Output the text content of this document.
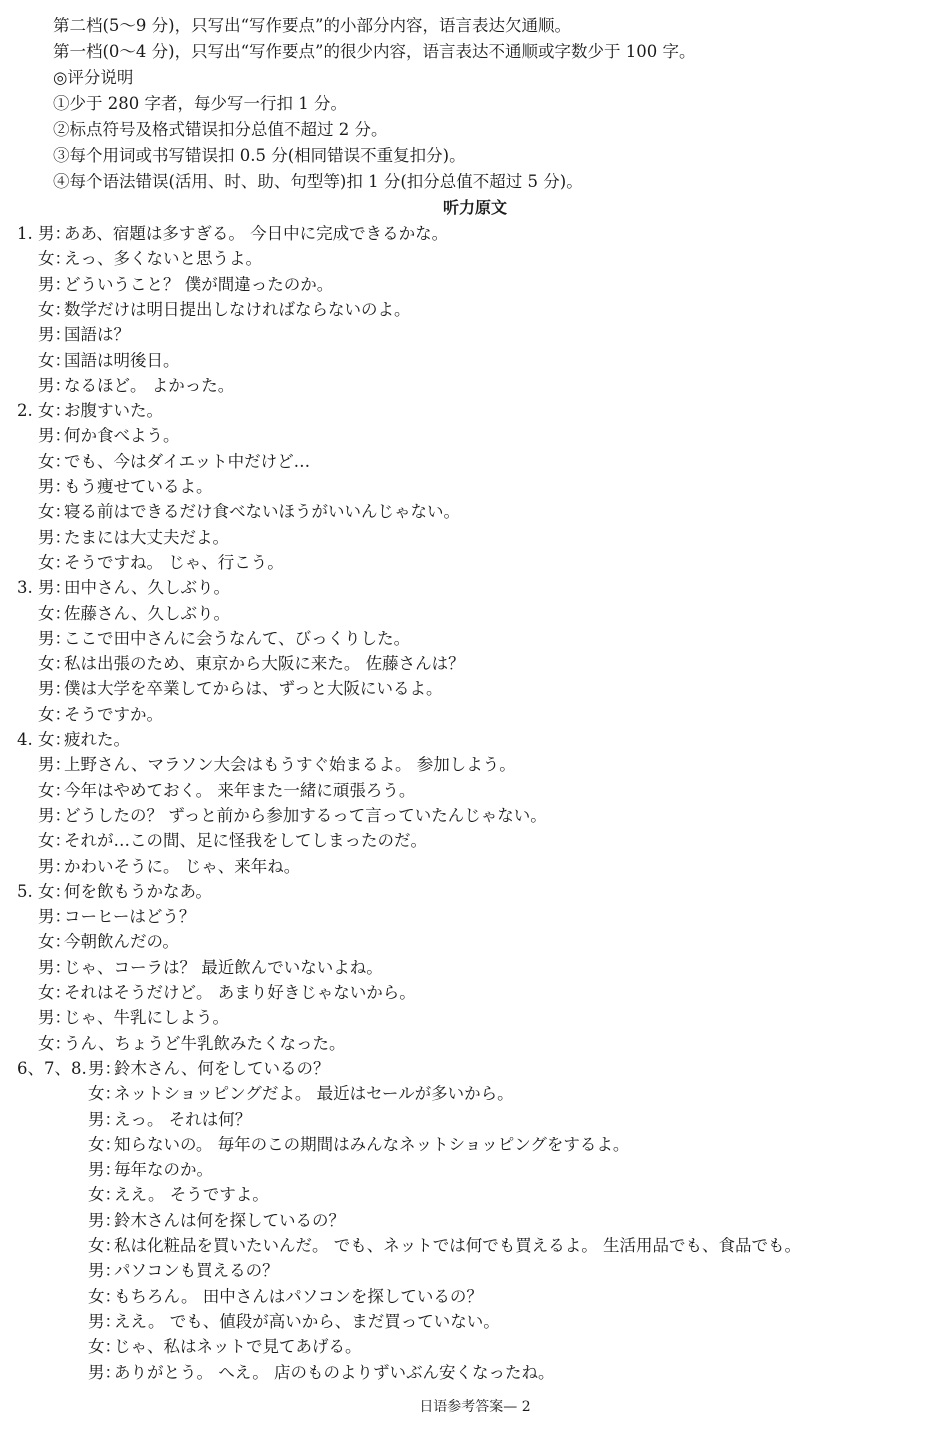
第二档(5～9 分)，只写出“写作要点”的小部分内容，语言表达欠通顺。
第一档(0～4 分)，只写出“写作要点”的很少内容，语言表达不通顺或字数少于 100 字。
◎评分说明
①少于 280 字者，每少写一行扣 1 分。
②标点符号及格式错误扣分总值不超过 2 分。
③每个用词或书写错误扣 0.5 分(相同错误不重复扣分)。
④每个语法错误(活用、时、助、句型等)扣 1 分(扣分总值不超过 5 分)。
听力原文
1. 男：
ああ、宿題は多すぎる。 今日中に完成できるかな。
女：
えっ、多くないと思うよ。
男：
どういうこと？ 僕が間違ったのか。
女：
数学だけは明日提出しなければならないのよ。
男：
国語は？
女：
国語は明後日。
男：
なるほど。 よかった。
2. 女：
お腹すいた。
男：
何か食べよう。
女：
でも、今はダイエット中だけど…
男：
もう痩せているよ。
女：
寝る前はできるだけ食べないほうがいいんじゃない。
男：
たまには大丈夫だよ。
女：
そうですね。 じゃ、行こう。
3. 男：
田中さん、久しぶり。
女：
佐藤さん、久しぶり。
男：
ここで田中さんに会うなんて、びっくりした。
女：
私は出張のため、東京から大阪に来た。 佐藤さんは？
男：
僕は大学を卒業してからは、ずっと大阪にいるよ。
女：
そうですか。
4. 女：
疲れた。
男：
上野さん、マラソン大会はもうすぐ始まるよ。 参加しよう。
女：
今年はやめておく。 来年また一緒に頑張ろう。
男：
どうしたの？ ずっと前から参加するって言っていたんじゃない。
女：
それが…この間、足に怪我をしてしまったのだ。
男：
かわいそうに。 じゃ、来年ね。
5. 女：
何を飲もうかなあ。
男：
コーヒーはどう？
女：
今朝飲んだの。
男：
じゃ、コーラは？ 最近飲んでいないよね。
女：
それはそうだけど。 あまり好きじゃないから。
男：
じゃ、牛乳にしよう。
女：
うん、ちょうど牛乳飲みたくなった。
6、7、8. 男：
鈴木さん、何をしているの？
女：
ネットショッピングだよ。 最近はセールが多いから。
男：
えっ。 それは何？
女：
知らないの。 毎年のこの期間はみんなネットショッピングをするよ。
男：
毎年なのか。
女：
ええ。 そうですよ。
男：
鈴木さんは何を探しているの？
女：
私は化粧品を買いたいんだ。 でも、ネットでは何でも買えるよ。 生活用品でも、食品でも。
男：
パソコンも買えるの？
女：
もちろん。 田中さんはパソコンを探しているの？
男：
ええ。 でも、値段が高いから、まだ買っていない。
女：
じゃ、私はネットで見てあげる。
男：
ありがとう。 へえ。 店のものよりずいぶん安くなったね。
日语参考答案— 2
